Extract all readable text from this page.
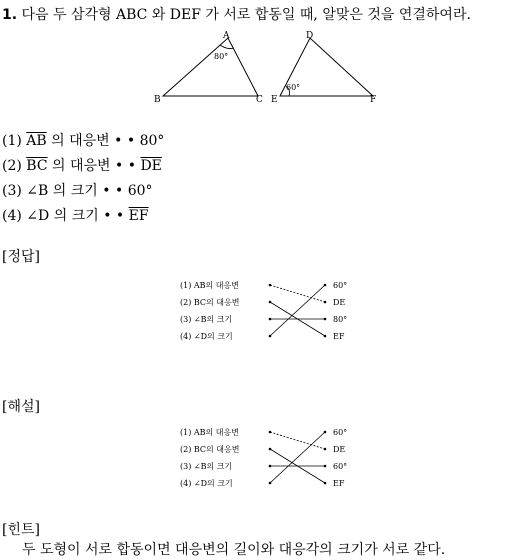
1. 다음 두 삼각형 ABC 와 DEF 가 서로 합동일 때, 알맞은 것을 연결하여라.
A
B	C
D
E	F
80°
60°
(1) $\overline{AB}$ 의 대응변 • • 80°
(2) $\overline{BC}$ 의 대응변 • • $\overline{DE}$
(3) ∠B 의 크기 • • 60°
(4) ∠D 의 크기 • • $\overline{EF}$
[정답]
(1) AB의 대응변
(2) BC의 대응변
(3) ∠B의 크기
(4) ∠D의 크기
60°
DE
80°
EF
[해설]
(1) AB의 대응변
(2) BC의 대응변
(3) ∠B의 크기
(4) ∠D의 크기
60°
DE
60°
EF
[힌트]
두 도형이 서로 합동이면 대응변의 길이와 대응각의 크기가 서로 같다.
